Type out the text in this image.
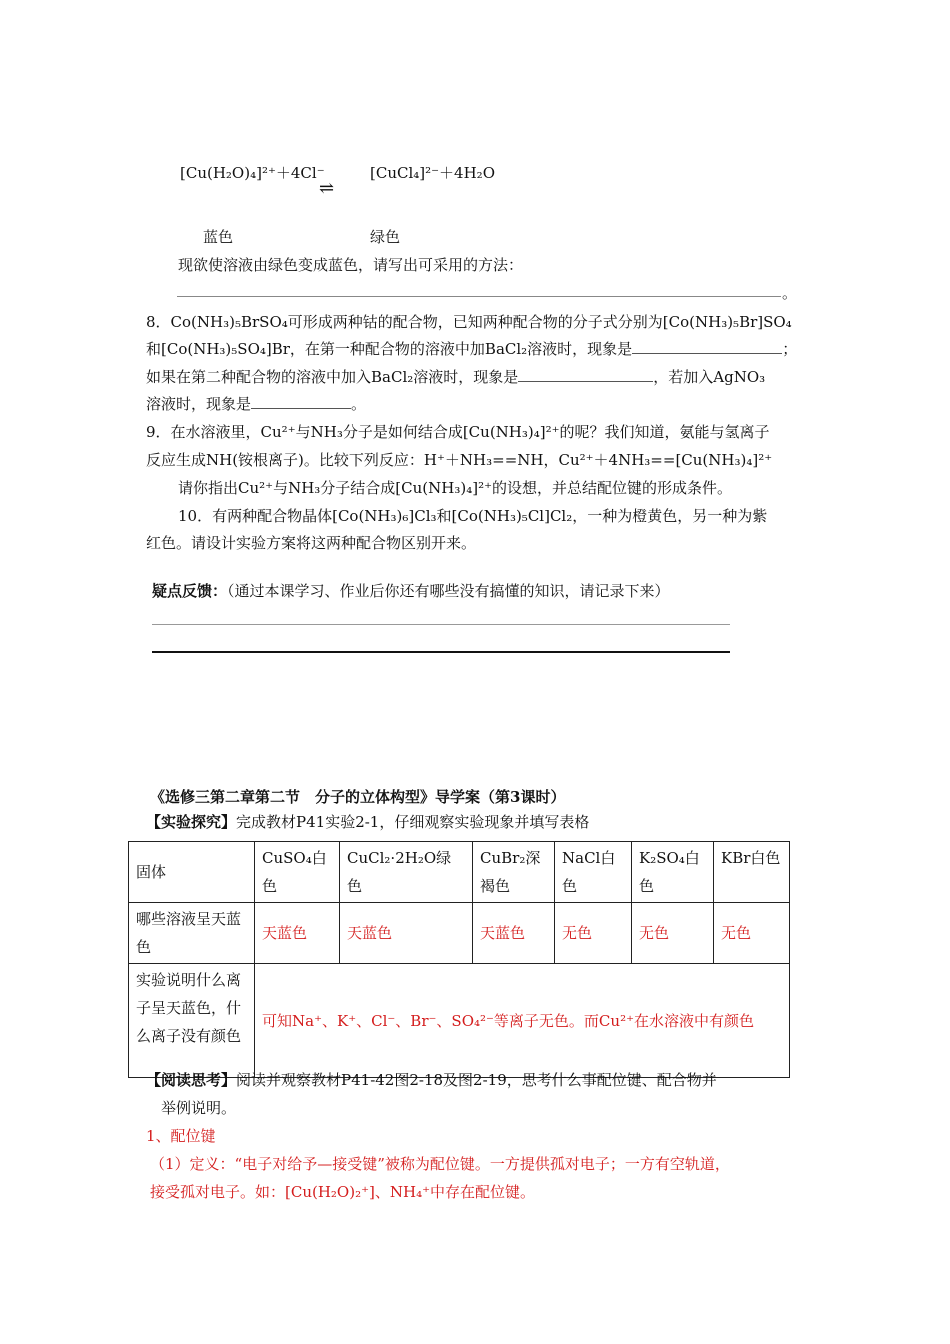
[Cu(H₂O)₄]²⁺＋4Cl⁻
⇌
[CuCl₄]²⁻＋4H₂O
蓝色	绿色
现欲使溶液由绿色变成蓝色，请写出可采用的方法：
。
8．Co(NH₃)₅BrSO₄可形成两种钴的配合物，已知两种配合物的分子式分别为[Co(NH₃)₅Br]SO₄
和[Co(NH₃)₅SO₄]Br，在第一种配合物的溶液中加BaCl₂溶液时，现象是	；
如果在第二种配合物的溶液中加入BaCl₂溶液时，现象是	，若加入AgNO₃
溶液时，现象是	。
9．在水溶液里，Cu²⁺与NH₃分子是如何结合成[Cu(NH₃)₄]²⁺的呢？我们知道，氨能与氢离子
反应生成NH(铵根离子)。比较下列反应：H⁺＋NH₃==NH，Cu²⁺＋4NH₃==[Cu(NH₃)₄]²⁺
请你指出Cu²⁺与NH₃分子结合成[Cu(NH₃)₄]²⁺的设想，并总结配位键的形成条件。
10．有两种配合物晶体[Co(NH₃)₆]Cl₃和[Co(NH₃)₅Cl]Cl₂，一种为橙黄色，另一种为紫
红色。请设计实验方案将这两种配合物区别开来。
疑点反馈：（通过本课学习、作业后你还有哪些没有搞懂的知识，请记录下来）
《选修三第二章第二节　分子的立体构型》导学案（第3课时）
【实验探究】完成教材P41实验2-1，仔细观察实验现象并填写表格
固体	CuSO₄白色	CuCl₂·2H₂O绿色	CuBr₂深褐色	NaCl白色	K₂SO₄白色	KBr白色
哪些溶液呈天蓝色	天蓝色	天蓝色	天蓝色	无色	无色	无色
实验说明什么离子呈天蓝色，什么离子没有颜色	可知Na⁺、K⁺、Cl⁻、Br⁻、SO₄²⁻等离子无色。而Cu²⁺在水溶液中有颜色					
【阅读思考】阅读并观察教材P41-42图2-18及图2-19，思考什么事配位键、配合物并
举例说明。
1、配位键
（1）定义：“电子对给予—接受键”被称为配位键。一方提供孤对电子；一方有空轨道，
接受孤对电子。如：[Cu(H₂O)₂⁺]、NH₄⁺中存在配位键。
